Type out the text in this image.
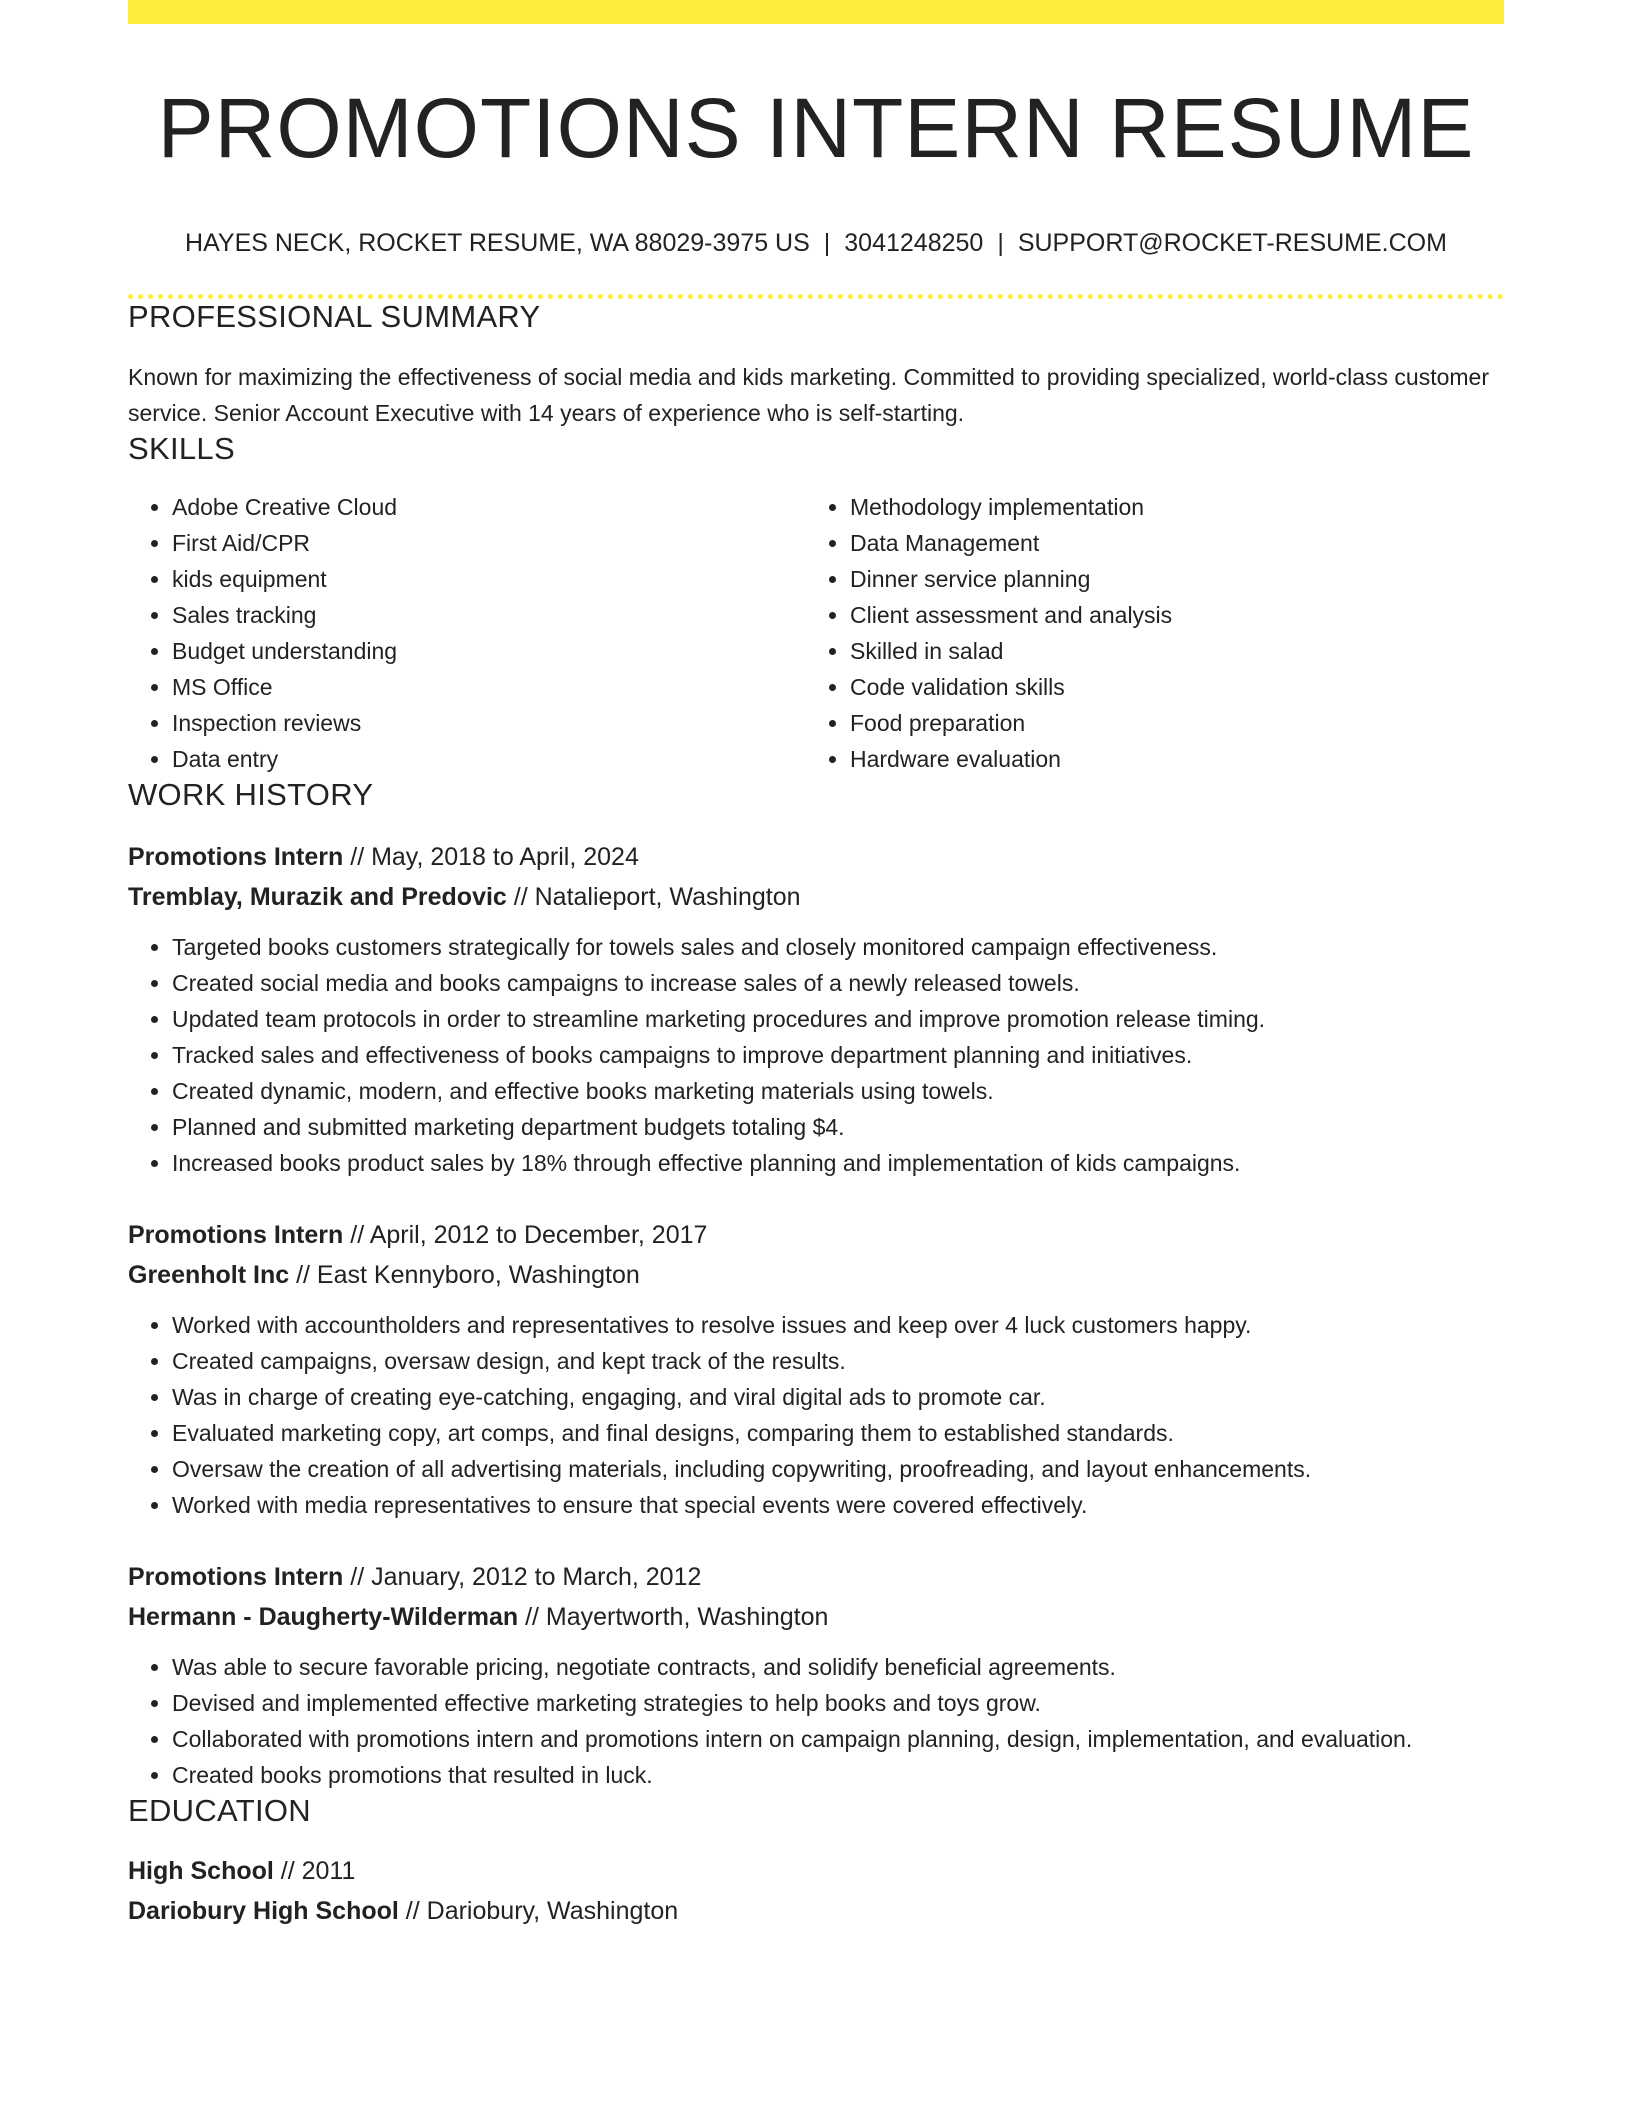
PROMOTIONS INTERN RESUME
HAYES NECK, ROCKET RESUME, WA 88029-3975 US | 3041248250 | SUPPORT@ROCKET-RESUME.COM
PROFESSIONAL SUMMARY
Known for maximizing the effectiveness of social media and kids marketing. Committed to providing specialized, world-class customer service. Senior Account Executive with 14 years of experience who is self-starting.
SKILLS
• Adobe Creative Cloud
• First Aid/CPR
• kids equipment
• Sales tracking
• Budget understanding
• MS Office
• Inspection reviews
• Data entry
• Methodology implementation
• Data Management
• Dinner service planning
• Client assessment and analysis
• Skilled in salad
• Code validation skills
• Food preparation
• Hardware evaluation
WORK HISTORY
Promotions Intern // May, 2018 to April, 2024
Tremblay, Murazik and Predovic // Natalieport, Washington
• Targeted books customers strategically for towels sales and closely monitored campaign effectiveness.
• Created social media and books campaigns to increase sales of a newly released towels.
• Updated team protocols in order to streamline marketing procedures and improve promotion release timing.
• Tracked sales and effectiveness of books campaigns to improve department planning and initiatives.
• Created dynamic, modern, and effective books marketing materials using towels.
• Planned and submitted marketing department budgets totaling $4.
• Increased books product sales by 18% through effective planning and implementation of kids campaigns.
Promotions Intern // April, 2012 to December, 2017
Greenholt Inc // East Kennyboro, Washington
• Worked with accountholders and representatives to resolve issues and keep over 4 luck customers happy.
• Created campaigns, oversaw design, and kept track of the results.
• Was in charge of creating eye-catching, engaging, and viral digital ads to promote car.
• Evaluated marketing copy, art comps, and final designs, comparing them to established standards.
• Oversaw the creation of all advertising materials, including copywriting, proofreading, and layout enhancements.
• Worked with media representatives to ensure that special events were covered effectively.
Promotions Intern // January, 2012 to March, 2012
Hermann - Daugherty-Wilderman // Mayertworth, Washington
• Was able to secure favorable pricing, negotiate contracts, and solidify beneficial agreements.
• Devised and implemented effective marketing strategies to help books and toys grow.
• Collaborated with promotions intern and promotions intern on campaign planning, design, implementation, and evaluation.
• Created books promotions that resulted in luck.
EDUCATION
High School // 2011
Dariobury High School // Dariobury, Washington
